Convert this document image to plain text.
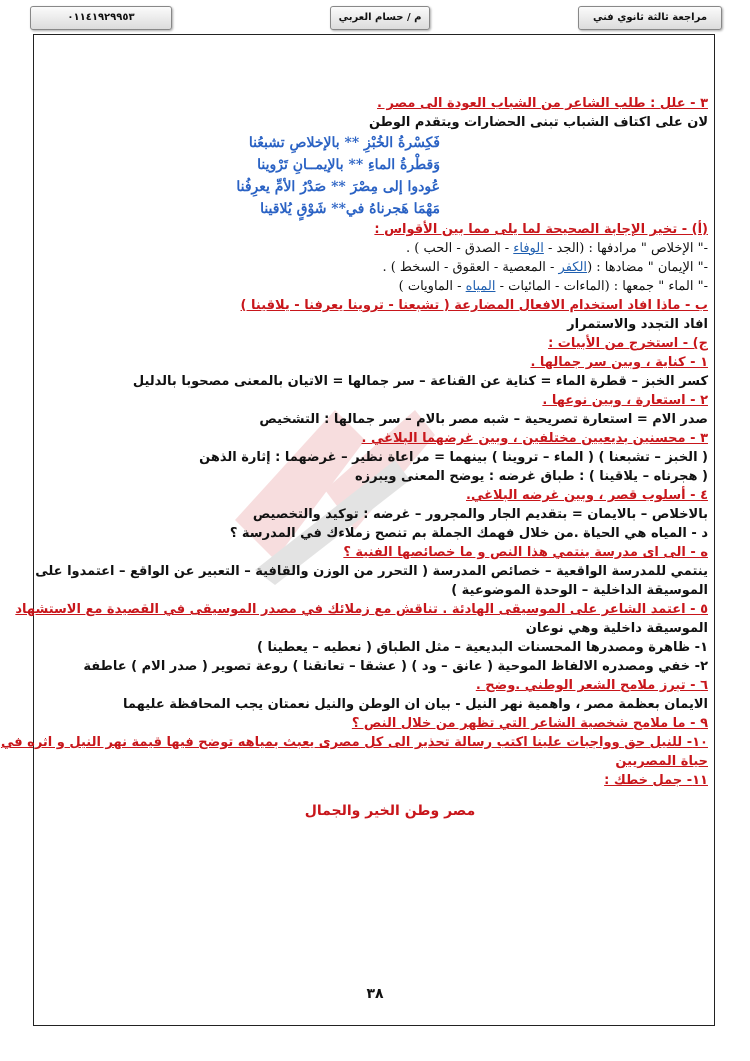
٠١١٤١٩٢٩٩٥٣	م / حسام العربي	مراجعة ثالثة ثانوي فني
٣ - علل : طلب الشاعر من الشباب العودة الى مصر .
لان على اكتاف الشباب تبنى الحضارات ويتقدم الوطن
فَكِسْرةُ الخُبْزِ ** بالإخلاصِ تشبعُنا
وَقطْرةُ الماءِ ** بالإيمــانِ تَرْوينا
عُودوا إلى مِصْرَ ** صَدْرُ الأمِّ يعرِفُنا
مَهْمَا هَجرناهُ في** شَوْقٍ يُلاقينا
(أ) - تخير الإجابة الصحيحة لما يلى مما بين الأقواس :
-" الإخلاص " مرادفها : (الجد - الوفاء - الصدق - الحب ) .
-" الإيمان " مضادها : (الكفر - المعصية - العقوق - السخط ) .
-" الماء " جمعها : (الماءات - المائيات - المياه - الماويات )
ب - ماذا افاد استخدام الافعال المضارعة ( تشبعنا - تروينا يعرفنا - يلاقينا )
افاد التجدد والاستمرار
ج) - استخرج من الأبيات :
١ - كناية ، وبين سر جمالها .
كسر الخبز – قطرة الماء = كناية عن القناعة – سر جمالها = الاتيان بالمعنى مصحوبا بالدليل
٢ - استعارة ، وبين نوعها .
صدر الام = استعارة تصريحية – شبه مصر بالام – سر جمالها : التشخيص
٣ - محسنين بديعيين مختلفين ، وبين غرضهما البلاغي .
( الخبز – تشبعنا ) ( الماء – تروينا ) بينهما = مراعاة نظير – غرضهما : إثارة الذهن
( هجرناه – يلاقينا ) : طباق غرضه : يوضح المعنى ويبرزه
٤ - أسلوب قصر ، وبين غرضه البلاغي.
بالاخلاص – بالايمان = بتقديم الجار والمجرور – غرضه : توكيد والتخصيص
د - المياه هي الحياة .من خلال فهمك الجملة بم تنصح زملاءك في المدرسة ؟
ه - الى اى مدرسة ينتمي هذا النص و ما خصائصها الفنية ؟
ينتمي للمدرسة الواقعية – خصائص المدرسة ( التحرر من الوزن والقافية – التعبير عن الواقع – اعتمدوا على
الموسيقة الداخلية – الوحدة الموضوعية )
٥ - اعتمد الشاعر على الموسيقى الهادئة . تناقش مع زملائك في مصدر الموسيقى في القصيدة مع الاستشهاد
الموسيقة داخلية وهي نوعان
١- ظاهرة ومصدرها المحسنات البديعية – مثل الطباق ( نعطيه – يعطينا )
٢- خفي ومصدره الالفاظ الموحية ( عانق – ود ) ( عشقا – تعانقنا ) روعة تصوير ( صدر الام ) عاطفة
٦ - تبرز ملامح الشعر الوطني .وضح .
الايمان بعظمة مصر ، واهمية نهر النيل - بيان ان الوطن والنيل نعمتان يجب المحافظة عليهما
٩ - ما ملامح شخصية الشاعر التي تظهر من خلال النص ؟
١٠- للنيل حق وواجبات علينا اكتب رسالة تحذير الى كل مصرى يعبث بمياهه توضح فيها قيمة نهر النيل و اثره في
حياة المصريين
١١- جمل خطك :
مصر وطن الخير والجمال
٣٨
